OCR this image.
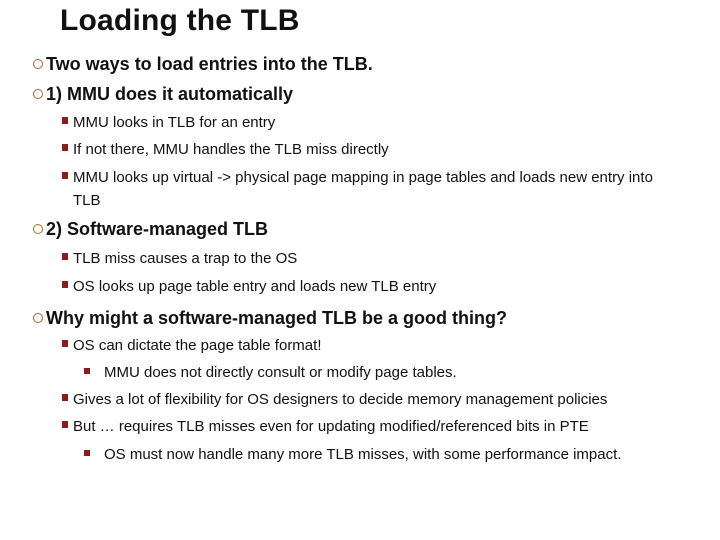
Loading the TLB
Two ways to load entries into the TLB.
1) MMU does it automatically
MMU looks in TLB for an entry
If not there, MMU handles the TLB miss directly
MMU looks up virtual -> physical page mapping in page tables and loads new entry into TLB
2) Software-managed TLB
TLB miss causes a trap to the OS
OS looks up page table entry and loads new TLB entry
Why might a software-managed TLB be a good thing?
OS can dictate the page table format!
MMU does not directly consult or modify page tables.
Gives a lot of flexibility for OS designers to decide memory management policies
But … requires TLB misses even for updating modified/referenced bits in PTE
OS must now handle many more TLB misses, with some performance impact.
